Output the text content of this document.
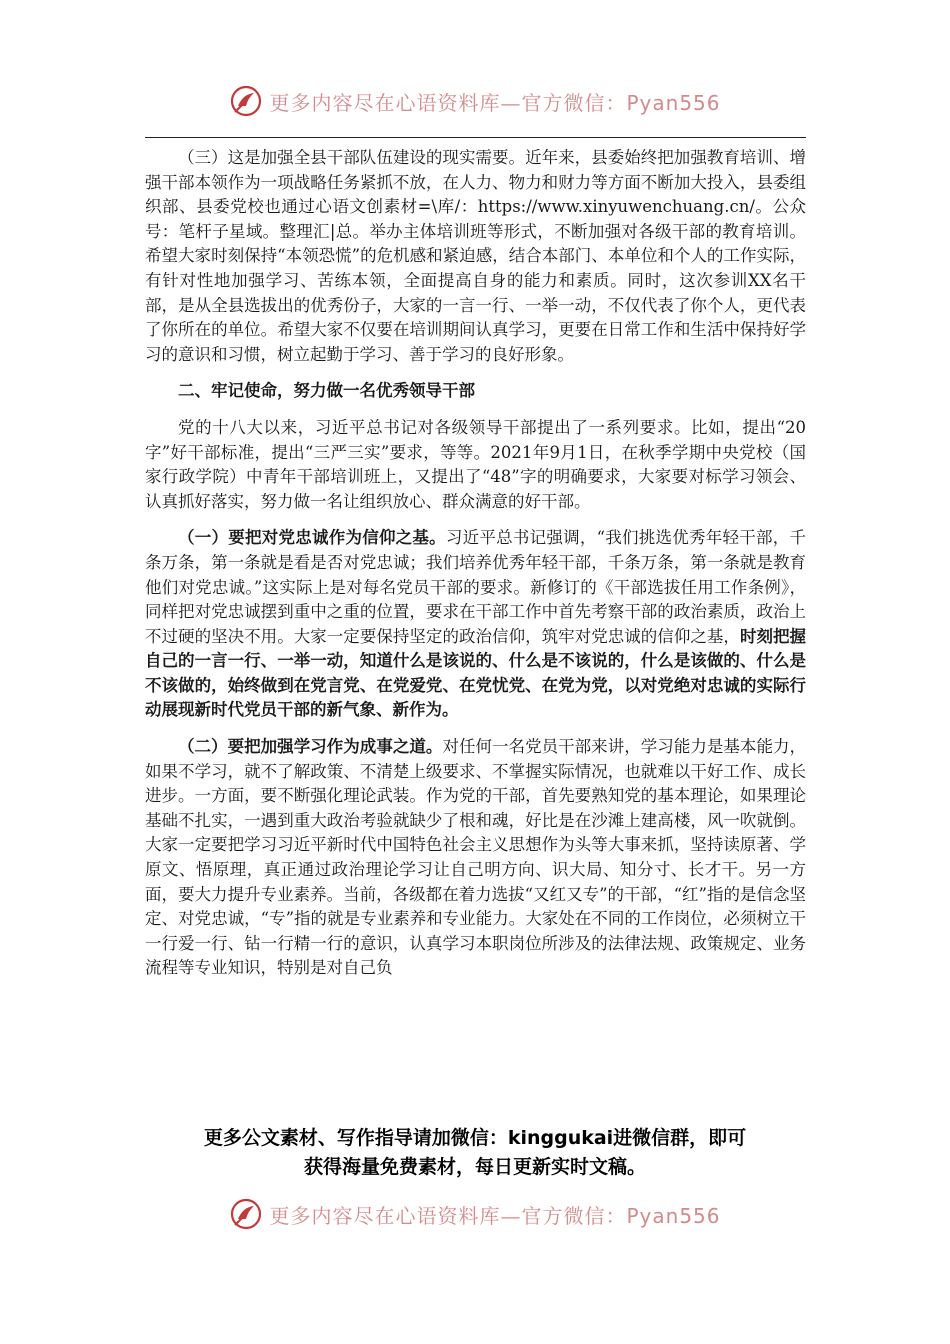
更多内容尽在心语资料库—官方微信：Pyan556

（三）这是加强全县干部队伍建设的现实需要。近年来，县委始终把加强教育培训、增强干部本领作为一项战略任务紧抓不放，在人力、物力和财力等方面不断加大投入，县委组织部、县委党校也通过心语文创素材=\库/：https://www.xinyuwenchuang.cn/。公众号：笔杆子星域。整理汇|总。举办主体培训班等形式，不断加强对各级干部的教育培训。希望大家时刻保持“本领恐慌”的危机感和紧迫感，结合本部门、本单位和个人的工作实际，有针对性地加强学习、苦练本领，全面提高自身的能力和素质。同时，这次参训XX名干部，是从全县选拔出的优秀份子，大家的一言一行、一举一动，不仅代表了你个人，更代表了你所在的单位。希望大家不仅要在培训期间认真学习，更要在日常工作和生活中保持好学习的意识和习惯，树立起勤于学习、善于学习的良好形象。

二、牢记使命，努力做一名优秀领导干部

党的十八大以来，习近平总书记对各级领导干部提出了一系列要求。比如，提出“20字”好干部标准，提出“三严三实”要求，等等。2021年9月1日，在秋季学期中央党校（国家行政学院）中青年干部培训班上，又提出了“48”字的明确要求，大家要对标学习领会、认真抓好落实，努力做一名让组织放心、群众满意的好干部。

（一）要把对党忠诚作为信仰之基。习近平总书记强调，“我们挑选优秀年轻干部，千条万条，第一条就是看是否对党忠诚；我们培养优秀年轻干部，千条万条，第一条就是教育他们对党忠诚。”这实际上是对每名党员干部的要求。新修订的《干部选拔任用工作条例》，同样把对党忠诚摆到重中之重的位置，要求在干部工作中首先考察干部的政治素质，政治上不过硬的坚决不用。大家一定要保持坚定的政治信仰，筑牢对党忠诚的信仰之基，时刻把握自己的一言一行、一举一动，知道什么是该说的、什么是不该说的，什么是该做的、什么是不该做的，始终做到在党言党、在党爱党、在党忧党、在党为党，以对党绝对忠诚的实际行动展现新时代党员干部的新气象、新作为。

（二）要把加强学习作为成事之道。对任何一名党员干部来讲，学习能力是基本能力，如果不学习，就不了解政策、不清楚上级要求、不掌握实际情况，也就难以干好工作、成长进步。一方面，要不断强化理论武装。作为党的干部，首先要熟知党的基本理论，如果理论基础不扎实，一遇到重大政治考验就缺少了根和魂，好比是在沙滩上建高楼，风一吹就倒。大家一定要把学习习近平新时代中国特色社会主义思想作为头等大事来抓，坚持读原著、学原文、悟原理，真正通过政治理论学习让自己明方向、识大局、知分寸、长才干。另一方面，要大力提升专业素养。当前，各级都在着力选拔“又红又专”的干部，“红”指的是信念坚定、对党忠诚，“专”指的就是专业素养和专业能力。大家处在不同的工作岗位，必须树立干一行爱一行、钻一行精一行的意识，认真学习本职岗位所涉及的法律法规、政策规定、业务流程等专业知识，特别是对自己负

更多公文素材、写作指导请加微信：kinggukai进微信群，即可
获得海量免费素材，每日更新实时文稿。
更多内容尽在心语资料库—官方微信：Pyan556
